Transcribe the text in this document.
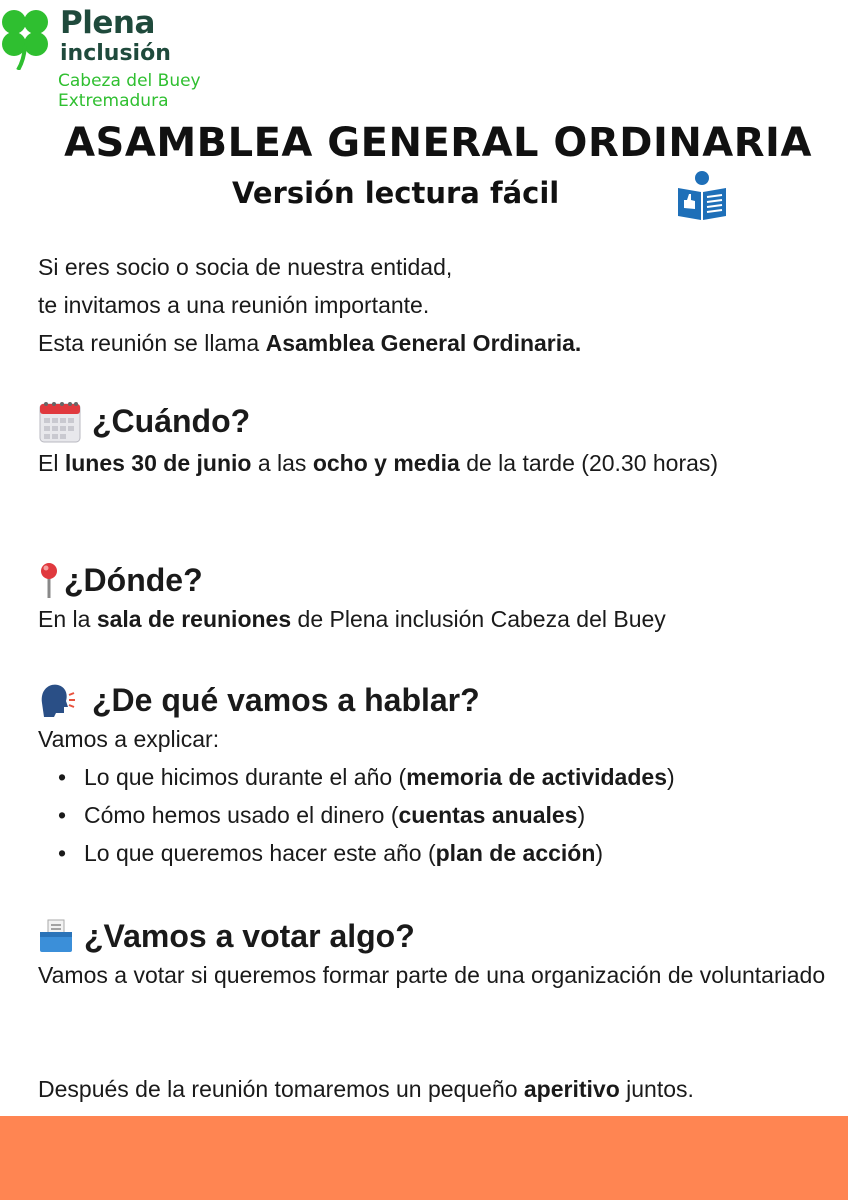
Plena
inclusión
Cabeza del Buey
Extremadura
ASAMBLEA GENERAL ORDINARIA
Versión lectura fácil

Si eres socio o socia de nuestra entidad,

te invitamos a una reunión importante.

Esta reunión se llama Asamblea General Ordinaria.

¿Cuándo?

El lunes 30 de junio a las ocho y media de la tarde (20.30 horas)

¿Dónde?

En la sala de reuniones de Plena inclusión Cabeza del Buey

¿De qué vamos a hablar?

Vamos a explicar:

• Lo que hicimos durante el año (memoria de actividades)
• Cómo hemos usado el dinero (cuentas anuales)
• Lo que queremos hacer este año (plan de acción)
¿Vamos a votar algo?

Vamos a votar si queremos formar parte de una organización de voluntariado

Después de la reunión tomaremos un pequeño aperitivo juntos.
